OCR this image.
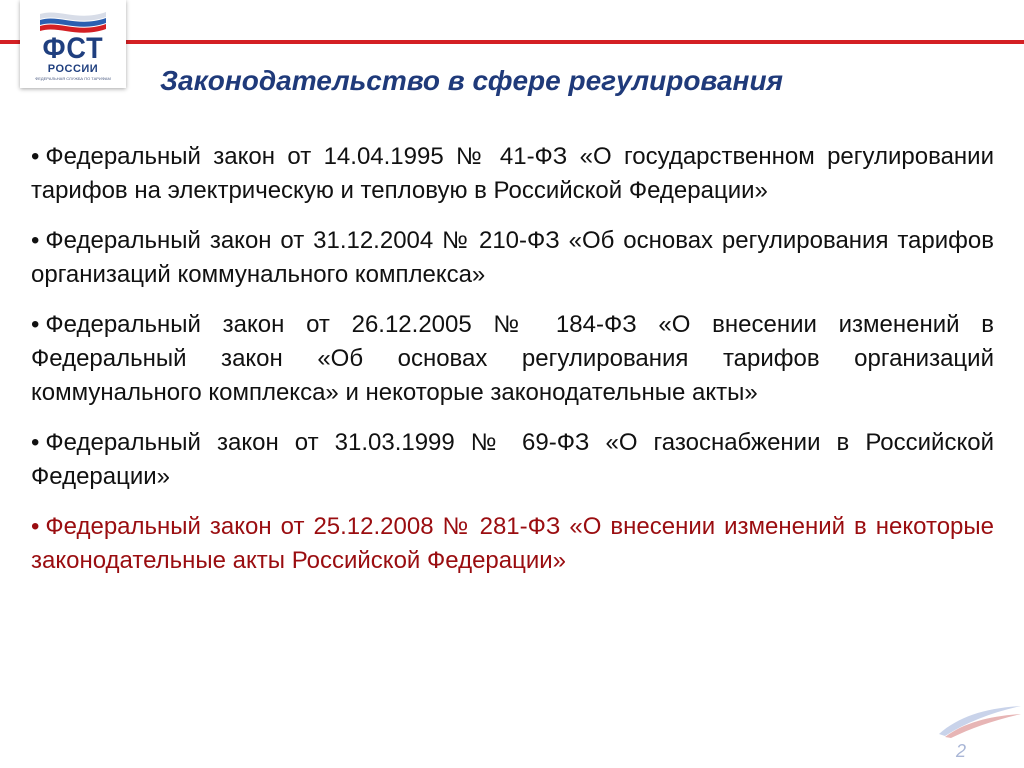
ФСТ
РОССИИ
ФЕДЕРАЛЬНАЯ СЛУЖБА ПО ТАРИФАМ Законодательство в сфере регулирования
• Федеральный закон от 14.04.1995 № 41-ФЗ «О государственном регулировании тарифов на электрическую и тепловую в Российской Федерации»
• Федеральный закон от 31.12.2004 № 210-ФЗ «Об основах регулирования тарифов организаций коммунального комплекса»
• Федеральный закон от 26.12.2005 № 184-ФЗ «О внесении изменений в Федеральный закон «Об основах регулирования тарифов организаций коммунального комплекса» и некоторые законодательные акты»
• Федеральный закон от 31.03.1999 № 69-ФЗ «О газоснабжении в Российской Федерации»
• Федеральный закон от 25.12.2008 № 281-ФЗ «О внесении изменений в некоторые законодательные акты Российской Федерации»
2
